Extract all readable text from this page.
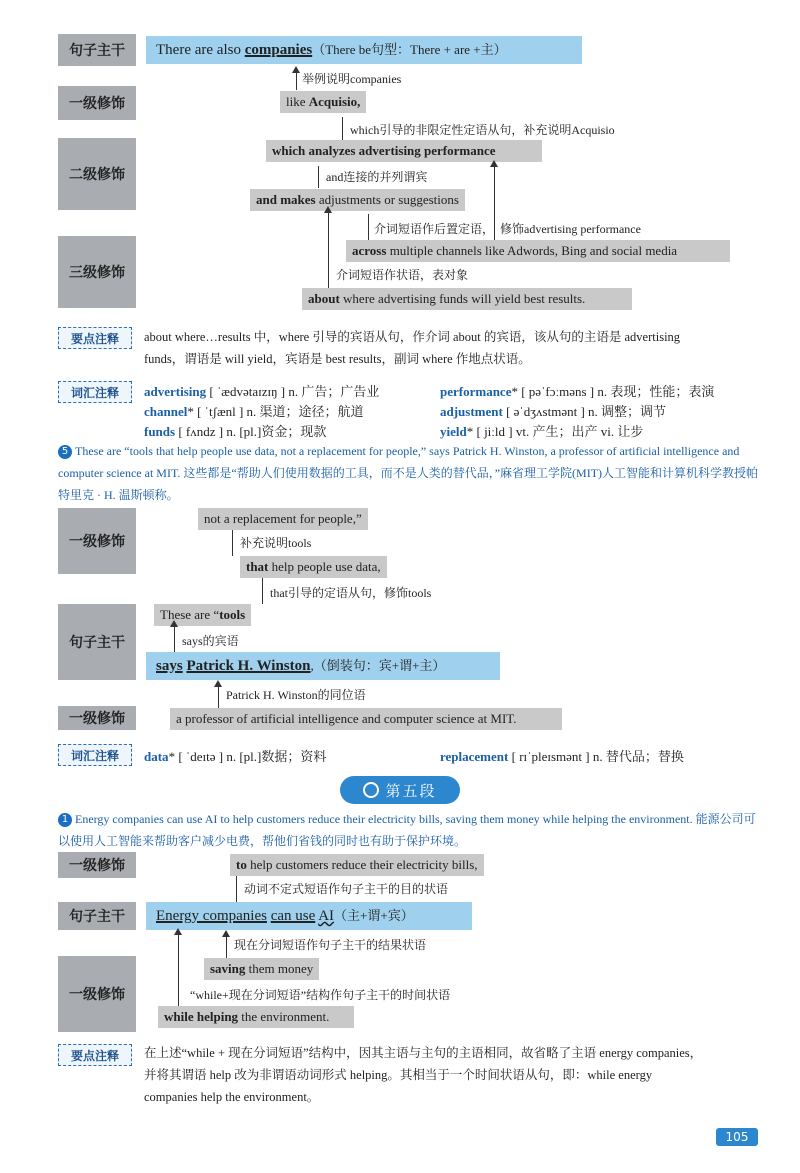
句子主干
一级修饰
二级修饰
三级修饰
There are also companies（There be句型：There + are +主）
举例说明companies
like Acquisio,
which引导的非限定性定语从句，补充说明Acquisio
which analyzes advertising performance
and连接的并列谓宾
and makes adjustments or suggestions
介词短语作后置定语， 修饰advertising performance
across multiple channels like Adwords, Bing and social media
介词短语作状语，表对象
about where advertising funds will yield best results.
要点注释	about where…results 中，where 引导的宾语从句，作介词 about 的宾语，该从句的主语是 advertising
funds，谓语是 will yield，宾语是 best results，副词 where 作地点状语。
词汇注释	advertising [ ˈædvətaɪzɪŋ ] n. 广告；广告业	performance* [ pəˈfɔːməns ] n. 表现；性能；表演
channel* [ ˈtʃænl ] n. 渠道；途径；航道	adjustment [ əˈdʒʌstmənt ] n. 调整；调节
funds [ fʌndz ] n. [pl.]资金；现款	yield* [ jiːld ] vt. 产生；出产 vi. 让步
5 These are “tools that help people use data, not a replacement for people,” says Patrick H. Winston, a professor of artificial intelligence and computer science at MIT. 这些都是“帮助人们使用数据的工具，而不是人类的替代品，”麻省理工学院(MIT)人工智能和计算机科学教授帕特里克 · H. 温斯顿称。
一级修饰
句子主干
一级修饰
not a replacement for people,”
补充说明tools
that help people use data,
that引导的定语从句，修饰tools
These are “tools
says的宾语
says Patrick H. Winston,（倒装句：宾+谓+主）
Patrick H. Winston的同位语
a professor of artificial intelligence and computer science at MIT.
词汇注释	data* [ ˈdeɪtə ] n. [pl.]数据；资料	replacement [ rɪˈpleɪsmənt ] n. 替代品；替换
第五段
1 Energy companies can use AI to help customers reduce their electricity bills, saving them money while helping the environment. 能源公司可以使用人工智能来帮助客户减少电费，帮他们省钱的同时也有助于保护环境。
一级修饰
句子主干
一级修饰
to help customers reduce their electricity bills,
动词不定式短语作句子主干的目的状语
Energy companies can use AI（主+谓+宾）
现在分词短语作句子主干的结果状语
saving them money
“while+现在分词短语”结构作句子主干的时间状语
while helping the environment.
要点注释	在上述“while + 现在分词短语”结构中，因其主语与主句的主语相同，故省略了主语 energy companies，
并将其谓语 help 改为非谓语动词形式 helping。其相当于一个时间状语从句，即：while energy
companies help the environment。
105
